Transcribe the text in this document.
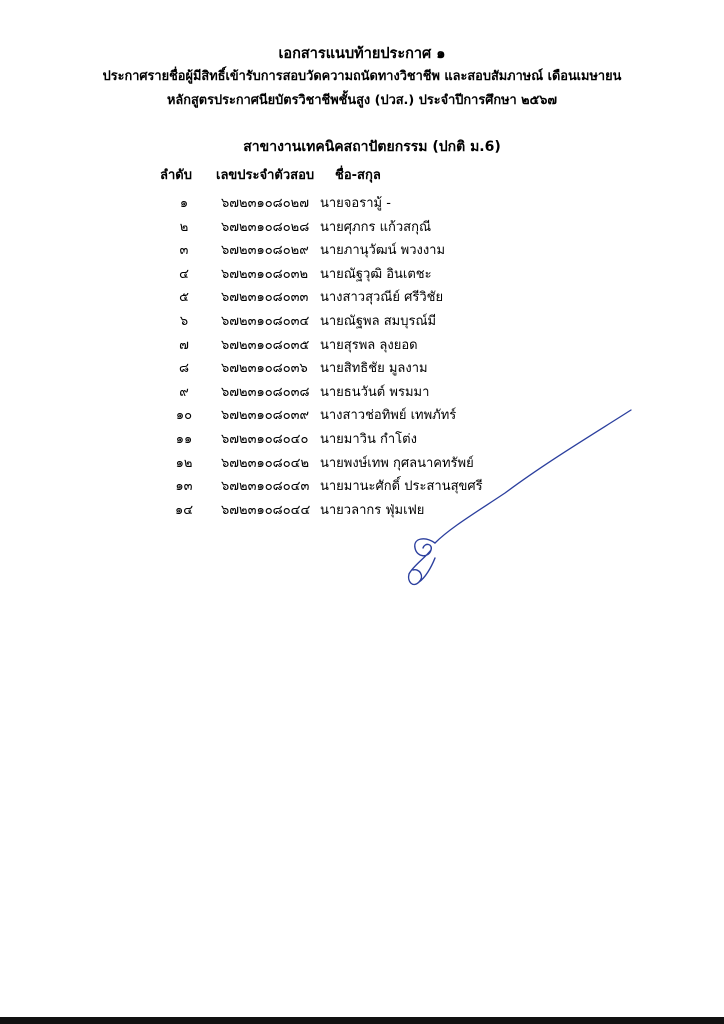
เอกสารแนบท้ายประกาศ ๑
ประกาศรายชื่อผู้มีสิทธิ์เข้ารับการสอบวัดความถนัดทางวิชาชีพ และสอบสัมภาษณ์ เดือนเมษายน
หลักสูตรประกาศนียบัตรวิชาชีพชั้นสูง (ปวส.) ประจำปีการศึกษา ๒๕๖๗
สาขางานเทคนิคสถาปัตยกรรม (ปกติ ม.6)
ลำดับ เลขประจำตัวสอบ ชื่อ-สกุล
๑	๖๗๒๓๑๐๘๐๒๗ นายจอรามู้ -
๒	๖๗๒๓๑๐๘๐๒๘ นายศุภกร แก้วสกุณี
๓	๖๗๒๓๑๐๘๐๒๙ นายภานุวัฒน์ พวงงาม
๔	๖๗๒๓๑๐๘๐๓๒ นายณัฐวุฒิ อินเตชะ
๕	๖๗๒๓๑๐๘๐๓๓ นางสาวสุวณีย์ ศรีวิชัย
๖	๖๗๒๓๑๐๘๐๓๔ นายณัฐพล สมบุรณ์มี
๗	๖๗๒๓๑๐๘๐๓๕ นายสุรพล ลุงยอด
๘	๖๗๒๓๑๐๘๐๓๖ นายสิทธิชัย มูลงาม
๙	๖๗๒๓๑๐๘๐๓๘ นายธนวันต์ พรมมา
๑๐	๖๗๒๓๑๐๘๐๓๙ นางสาวช่อทิพย์ เทพภัทร์
๑๑	๖๗๒๓๑๐๘๐๔๐ นายมาวิน กำโต่ง
๑๒	๖๗๒๓๑๐๘๐๔๒ นายพงษ์เทพ กุศลนาคทรัพย์
๑๓	๖๗๒๓๑๐๘๐๔๓ นายมานะศักดิ์ ประสานสุขศรี
๑๔	๖๗๒๓๑๐๘๐๔๔ นายวลากร ฟุ่มเฟย
